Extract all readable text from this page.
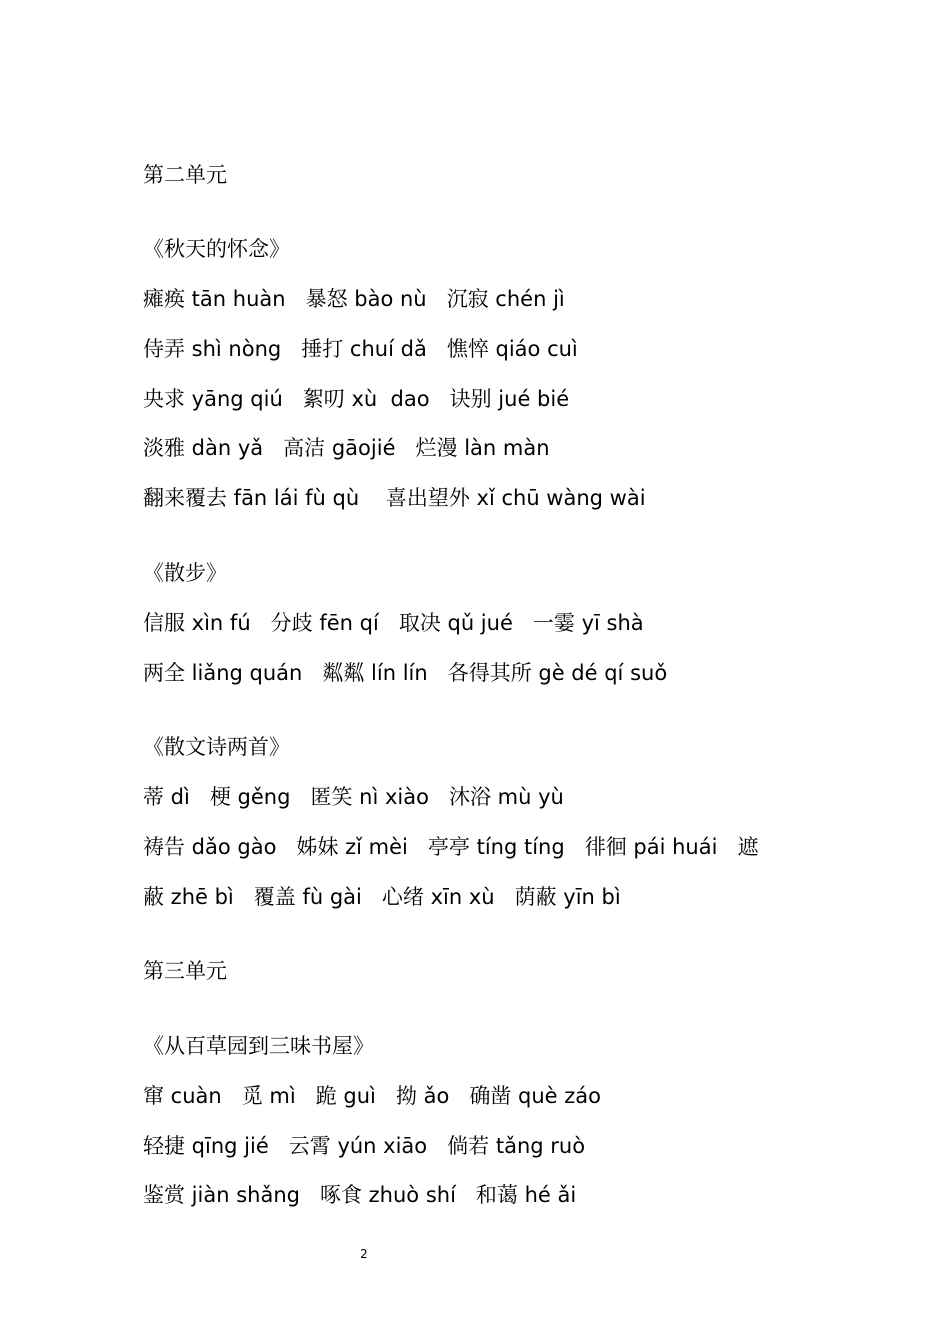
第二单元
《秋天的怀念》
瘫痪 tān huàn   暴怒 bào nù   沉寂 chén jì
侍弄 shì nòng   捶打 chuí dǎ   憔悴 qiáo cuì
央求 yāng qiú   絮叨 xù  dao   诀别 jué bié
淡雅 dàn yǎ   高洁 gāojié   烂漫 làn màn
翻来覆去 fān lái fù qù    喜出望外 xǐ chū wàng wài
《散步》
信服 xìn fú   分歧 fēn qí   取决 qǔ jué   一霎 yī shà
两全 liǎng quán   粼粼 lín lín   各得其所 gè dé qí suǒ
《散文诗两首》
蒂 dì   梗 gěng   匿笑 nì xiào   沐浴 mù yù
祷告 dǎo gào   姊妹 zǐ mèi   亭亭 tíng tíng   徘徊 pái huái   遮
蔽 zhē bì   覆盖 fù gài   心绪 xīn xù   荫蔽 yīn bì
第三单元
《从百草园到三味书屋》
窜 cuàn   觅 mì   跪 guì   拗 ǎo   确凿 què záo
轻捷 qīng jié   云霄 yún xiāo   倘若 tǎng ruò
鉴赏 jiàn shǎng   啄食 zhuò shí   和蔼 hé ǎi
2
